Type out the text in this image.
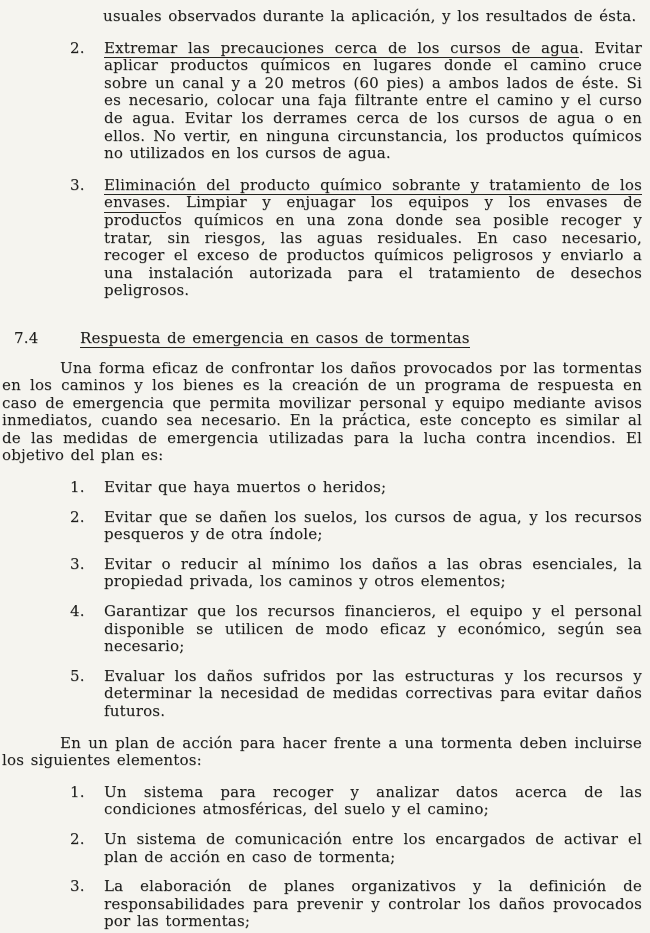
usuales observados durante la aplicación, y los resultados de ésta.

2.	Extremar las precauciones cerca de los cursos de agua. Evitar aplicar productos químicos en lugares donde el camino cruce sobre un canal y a 20 metros (60 pies) a ambos lados de éste. Si es necesario, colocar una faja filtrante entre el camino y el curso de agua. Evitar los derrames cerca de los cursos de agua o en ellos. No vertir, en ninguna circunstancia, los productos químicos no utilizados en los cursos de agua.
3.	Eliminación del producto químico sobrante y tratamiento de los envases. Limpiar y enjuagar los equipos y los envases de productos químicos en una zona donde sea posible recoger y tratar, sin riesgos, las aguas residuales. En caso necesario, recoger el exceso de productos químicos peligrosos y enviarlo a una instalación autorizada para el tratamiento de desechos peligrosos.
7.4	Respuesta de emergencia en casos de tormentas

Una forma eficaz de confrontar los daños provocados por las tormentas en los caminos y los bienes es la creación de un programa de respuesta en caso de emergencia que permita movilizar personal y equipo mediante avisos inmediatos, cuando sea necesario. En la práctica, este concepto es similar al de las medidas de emergencia utilizadas para la lucha contra incendios. El objetivo del plan es:

1.	Evitar que haya muertos o heridos;
2.	Evitar que se dañen los suelos, los cursos de agua, y los recursos pesqueros y de otra índole;
3.	Evitar o reducir al mínimo los daños a las obras esenciales, la propiedad privada, los caminos y otros elementos;
4.	Garantizar que los recursos financieros, el equipo y el personal disponible se utilicen de modo eficaz y económico, según sea necesario;
5.	Evaluar los daños sufridos por las estructuras y los recursos y determinar la necesidad de medidas correctivas para evitar daños futuros.

En un plan de acción para hacer frente a una tormenta deben incluirse los siguientes elementos:

1.	Un sistema para recoger y analizar datos acerca de las condiciones atmosféricas, del suelo y el camino;
2.	Un sistema de comunicación entre los encargados de activar el plan de acción en caso de tormenta;
3.	La elaboración de planes organizativos y la definición de responsabilidades para prevenir y controlar los daños provocados por las tormentas;
